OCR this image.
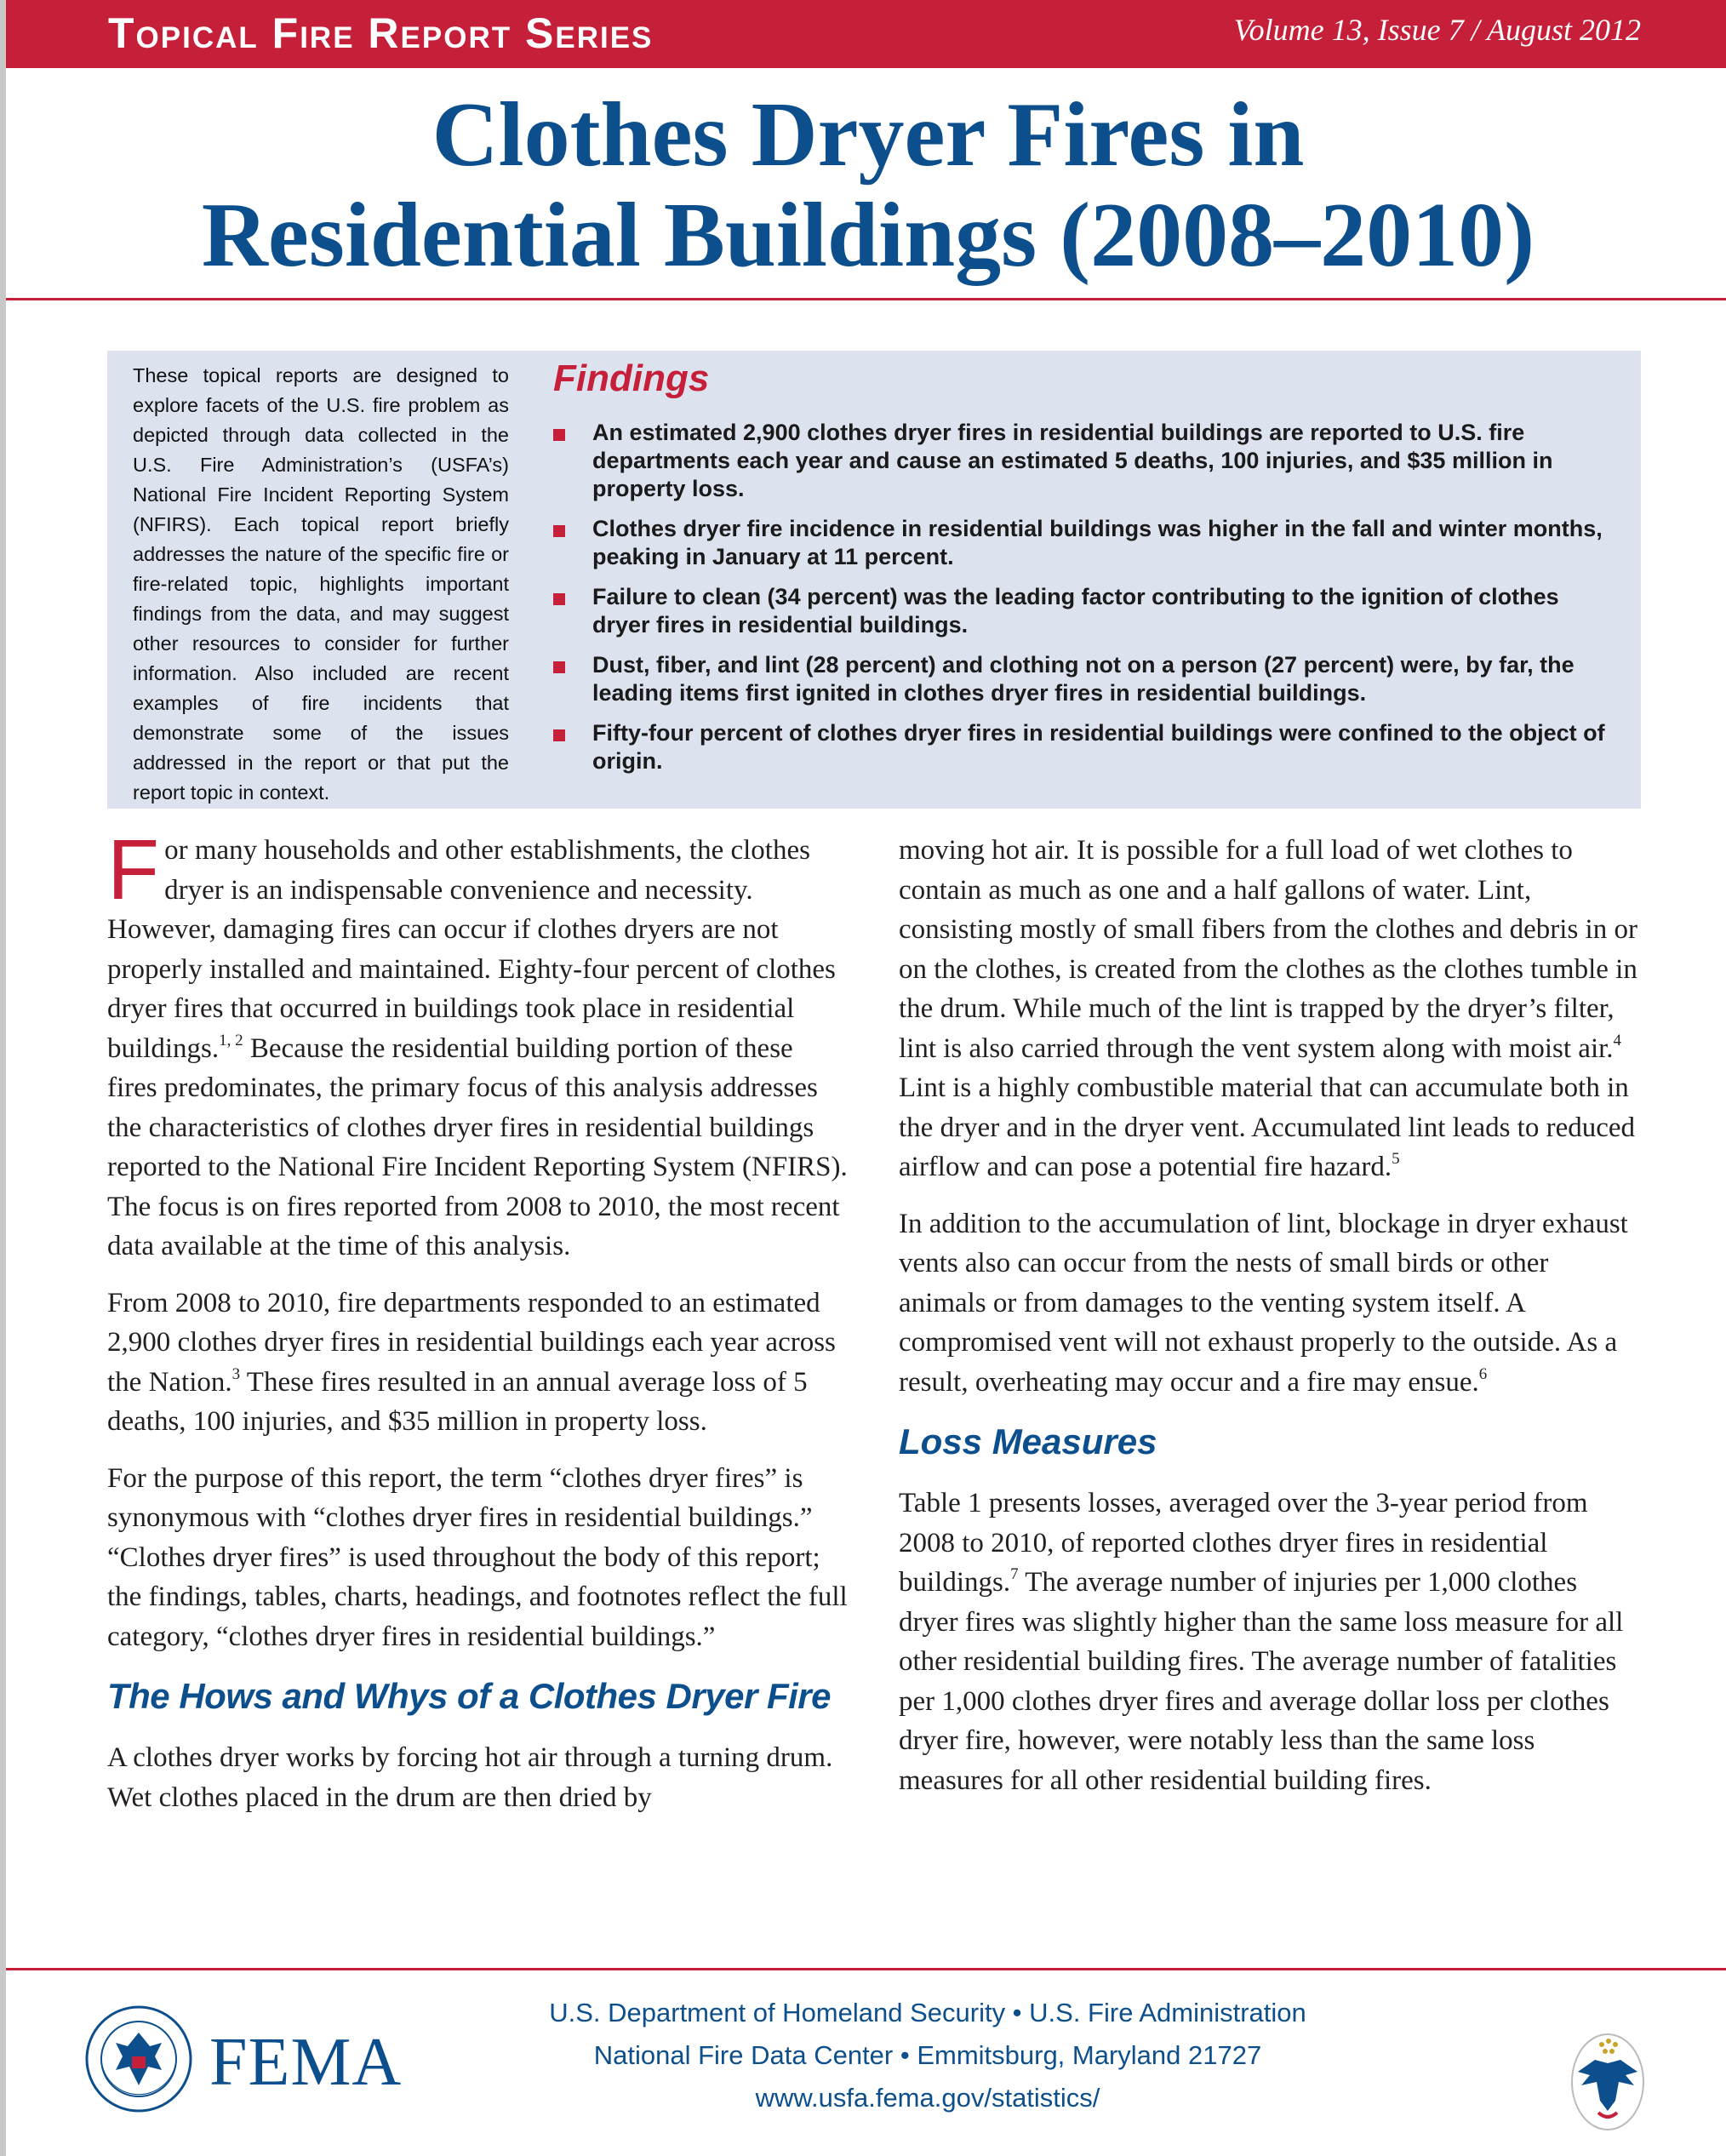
Topical Fire Report Series	Volume 13, Issue 7 / August 2012
Clothes Dryer Fires in
Residential Buildings (2008–2010)
These topical reports are designed to explore facets of the U.S. fire problem as depicted through data collected in the U.S. Fire Administration’s (USFA’s) National Fire Incident Reporting System (NFIRS). Each topical report briefly addresses the nature of the specific fire or fire-related topic, highlights important findings from the data, and may suggest other resources to consider for further information. Also included are recent examples of fire incidents that demonstrate some of the issues addressed in the report or that put the report topic in context.
Findings
An estimated 2,900 clothes dryer fires in residential buildings are reported to U.S. fire departments each year and cause an estimated 5 deaths, 100 injuries, and $35 million in property loss.
Clothes dryer fire incidence in residential buildings was higher in the fall and winter months, peaking in January at 11 percent.
Failure to clean (34 percent) was the leading factor contributing to the ignition of clothes dryer fires in residential buildings.
Dust, fiber, and lint (28 percent) and clothing not on a person (27 percent) were, by far, the leading items first ignited in clothes dryer fires in residential buildings.
Fifty-four percent of clothes dryer fires in residential buildings were confined to the object of origin.

For many households and other establishments, the clothes dryer is an indispensable convenience and necessity. However, damaging fires can occur if clothes dryers are not properly installed and maintained. Eighty-four percent of clothes dryer fires that occurred in buildings took place in residential buildings.$^{1, 2}$ Because the residential building portion of these fires predominates, the primary focus of this analysis addresses the characteristics of clothes dryer fires in residential buildings reported to the National Fire Incident Reporting System (NFIRS). The focus is on fires reported from 2008 to 2010, the most recent data available at the time of this analysis.

From 2008 to 2010, fire departments responded to an estimated 2,900 clothes dryer fires in residential buildings each year across the Nation.$^3$ These fires resulted in an annual average loss of 5 deaths, 100 injuries, and $35 million in property loss.

For the purpose of this report, the term “clothes dryer fires” is synonymous with “clothes dryer fires in residential buildings.” “Clothes dryer fires” is used throughout the body of this report; the findings, tables, charts, headings, and footnotes reflect the full category, “clothes dryer fires in residential buildings.”

The Hows and Whys of a Clothes Dryer Fire

A clothes dryer works by forcing hot air through a turning drum. Wet clothes placed in the drum are then dried by

moving hot air. It is possible for a full load of wet clothes to contain as much as one and a half gallons of water. Lint, consisting mostly of small fibers from the clothes and debris in or on the clothes, is created from the clothes as the clothes tumble in the drum. While much of the lint is trapped by the dryer’s filter, lint is also carried through the vent system along with moist air.$^4$ Lint is a highly combustible material that can accumulate both in the dryer and in the dryer vent. Accumulated lint leads to reduced airflow and can pose a potential fire hazard.$^5$

In addition to the accumulation of lint, blockage in dryer exhaust vents also can occur from the nests of small birds or other animals or from damages to the venting system itself. A compromised vent will not exhaust properly to the outside. As a result, overheating may occur and a fire may ensue.$^6$

Loss Measures

Table 1 presents losses, averaged over the 3-year period from 2008 to 2010, of reported clothes dryer fires in residential buildings.$^7$ The average number of injuries per 1,000 clothes dryer fires was slightly higher than the same loss measure for all other residential building fires. The average number of fatalities per 1,000 clothes dryer fires and average dollar loss per clothes dryer fire, however, were notably less than the same loss measures for all other residential building fires.

FEMA
U.S. Department of Homeland Security • U.S. Fire Administration
National Fire Data Center • Emmitsburg, Maryland 21727
www.usfa.fema.gov/statistics/
